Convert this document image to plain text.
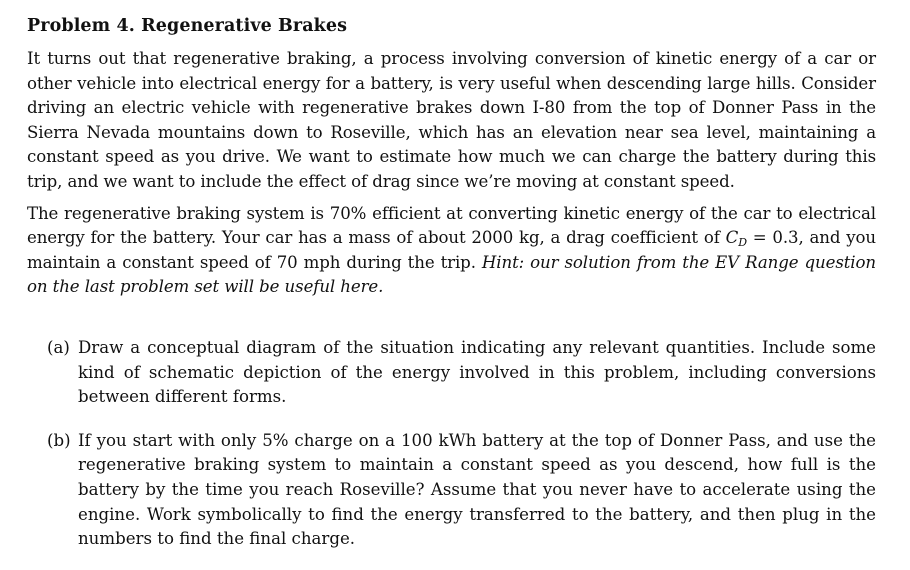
Problem 4. Regenerative Brakes

It turns out that regenerative braking, a process involving conversion of kinetic energy of a car or other vehicle into electrical energy for a battery, is very useful when descending large hills. Consider driving an electric vehicle with regenerative brakes down I-80 from the top of Donner Pass in the Sierra Nevada mountains down to Roseville, which has an elevation near sea level, maintaining a constant speed as you drive. We want to estimate how much we can charge the battery during this trip, and we want to include the effect of drag since we’re moving at constant speed.

The regenerative braking system is 70% efficient at converting kinetic energy of the car to electrical energy for the battery. Your car has a mass of about 2000 kg, a drag coefficient of $C_D = 0.3$, and you maintain a constant speed of 70 mph during the trip. Hint: our solution from the EV Range question on the last problem set will be useful here.

(a) Draw a conceptual diagram of the situation indicating any relevant quantities. Include some kind of schematic depiction of the energy involved in this problem, including conversions between different forms.
(b) If you start with only 5% charge on a 100 kWh battery at the top of Donner Pass, and use the regenerative braking system to maintain a constant speed as you descend, how full is the battery by the time you reach Roseville? Assume that you never have to accelerate using the engine. Work symbolically to find the energy transferred to the battery, and then plug in the numbers to find the final charge.
